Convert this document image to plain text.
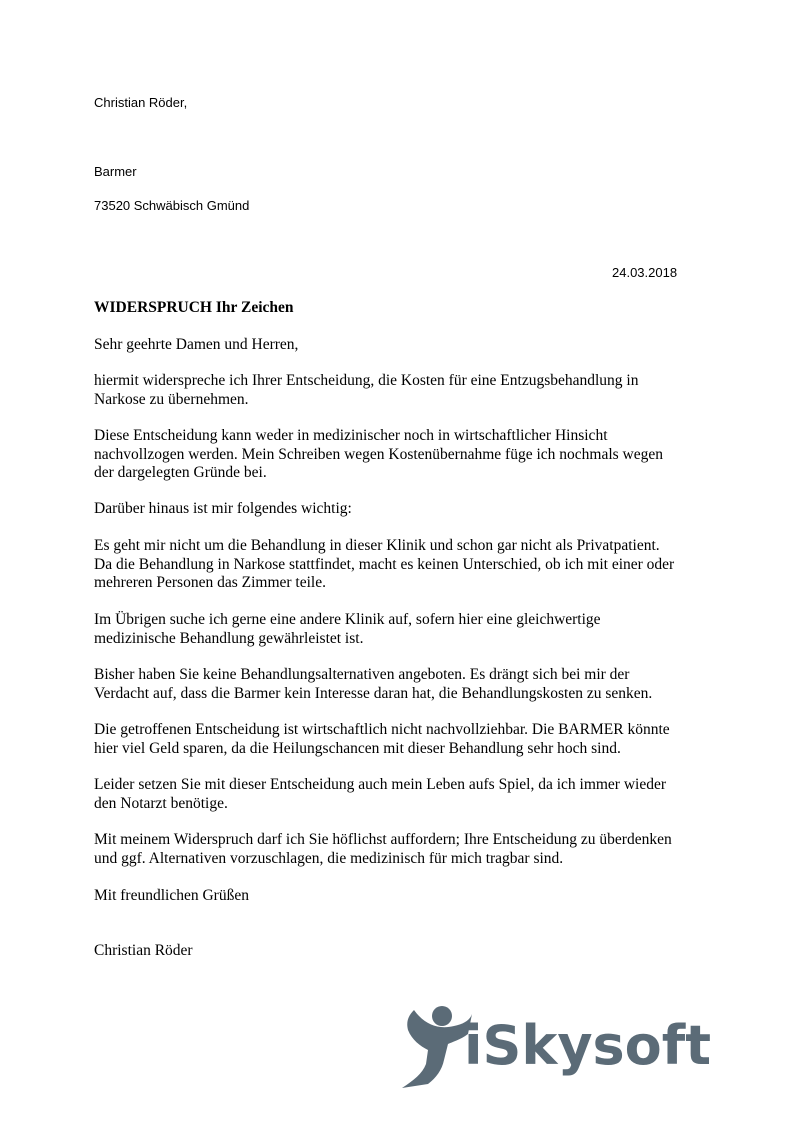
Christian Röder,
Barmer
73520 Schwäbisch Gmünd
24.03.2018
WIDERSPRUCH Ihr Zeichen
Sehr geehrte Damen und Herren,
hiermit widerspreche ich Ihrer Entscheidung, die Kosten für eine Entzugsbehandlung in
Narkose zu übernehmen.
Diese Entscheidung kann weder in medizinischer noch in wirtschaftlicher Hinsicht
nachvollzogen werden. Mein Schreiben wegen Kostenübernahme füge ich nochmals wegen
der dargelegten Gründe bei.
Darüber hinaus ist mir folgendes wichtig:
Es geht mir nicht um die Behandlung in dieser Klinik und schon gar nicht als Privatpatient.
Da die Behandlung in Narkose stattfindet, macht es keinen Unterschied, ob ich mit einer oder
mehreren Personen das Zimmer teile.
Im Übrigen suche ich gerne eine andere Klinik auf, sofern hier eine gleichwertige
medizinische Behandlung gewährleistet ist.
Bisher haben Sie keine Behandlungsalternativen angeboten. Es drängt sich bei mir der
Verdacht auf, dass die Barmer kein Interesse daran hat, die Behandlungskosten zu senken.
Die getroffenen Entscheidung ist wirtschaftlich nicht nachvollziehbar. Die BARMER könnte
hier viel Geld sparen, da die Heilungschancen mit dieser Behandlung sehr hoch sind.
Leider setzen Sie mit dieser Entscheidung auch mein Leben aufs Spiel, da ich immer wieder
den Notarzt benötige.
Mit meinem Widerspruch darf ich Sie höflichst auffordern; Ihre Entscheidung zu überdenken
und ggf. Alternativen vorzuschlagen, die medizinisch für mich tragbar sind.
Mit freundlichen Grüßen
Christian Röder
iSkysoft
